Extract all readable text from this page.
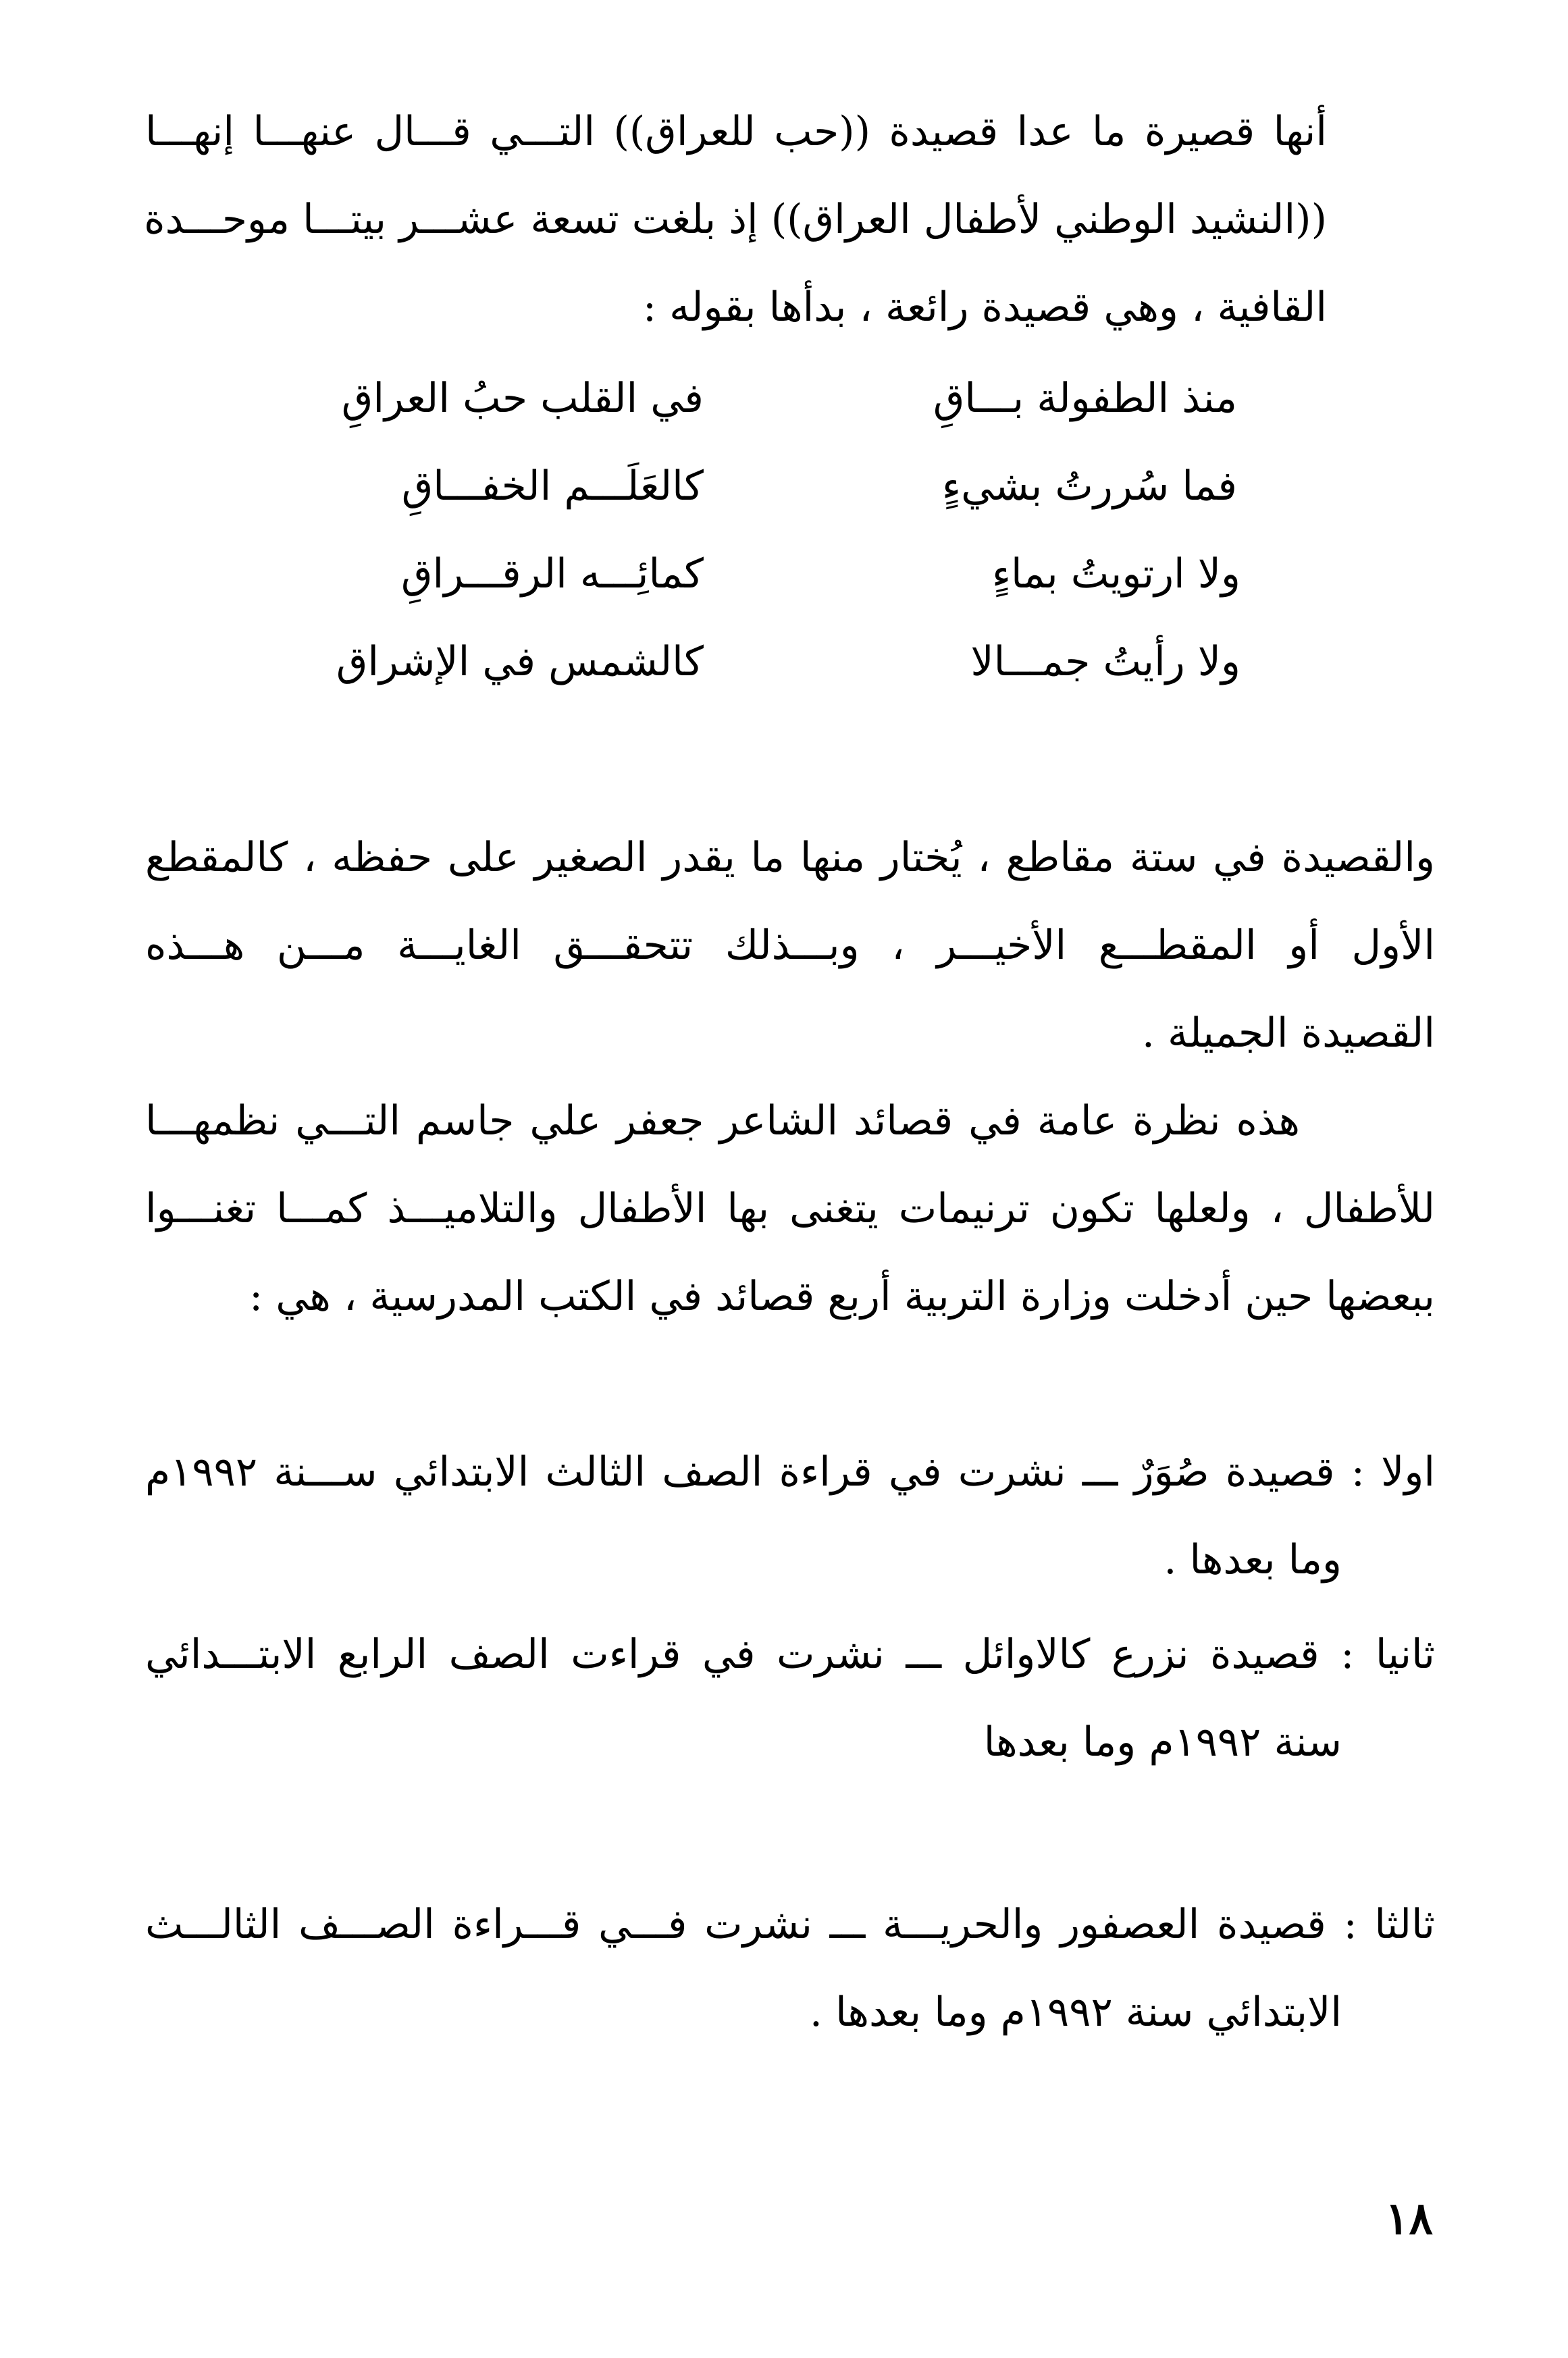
أنها قصيرة ما عدا قصيدة ((حب للعراق)) التـــي قـــال عنهـــا إنهـــا
((النشيد الوطني لأطفال العراق)) إذ بلغت تسعة عشـــر بيتـــا موحـــدة
القافية ، وهي قصيدة رائعة ، بدأها بقوله :
منذ الطفولة بـــاقِ
في القلب حبُ العراقِ
فما سُررتُ بشيءٍ
كالعَلَـــم الخفـــاقِ
ولا ارتويتُ بماءٍ
كمائِـــه الرقـــراقِ
ولا رأيتُ جمـــالا
كالشمس في الإشراق
والقصيدة في ستة مقاطع ، يُختار منها ما يقدر الصغير على حفظه ، كالمقطع
الأول أو المقطـــع الأخيـــر ، وبـــذلك تتحقـــق الغايـــة مـــن هـــذه
القصيدة الجميلة .
هذه نظرة عامة في قصائد الشاعر جعفر علي جاسم التـــي نظمهـــا
للأطفال ، ولعلها تكون ترنيمات يتغنى بها الأطفال والتلاميـــذ كمـــا تغنـــوا
ببعضها حين أدخلت وزارة التربية أربع قصائد في الكتب المدرسية ، هي :
اولا : قصيدة صُوَرٌ ـــ نشرت في قراءة الصف الثالث الابتدائي ســـنة ١٩٩٢م
وما بعدها .
ثانيا : قصيدة نزرع كالاوائل ـــ نشرت في قراءت الصف الرابع الابتـــدائي
سنة ١٩٩٢م وما بعدها
ثالثا : قصيدة العصفور والحريـــة ـــ نشرت فـــي قـــراءة الصـــف الثالـــث
الابتدائي سنة ١٩٩٢م وما بعدها .
١٨
